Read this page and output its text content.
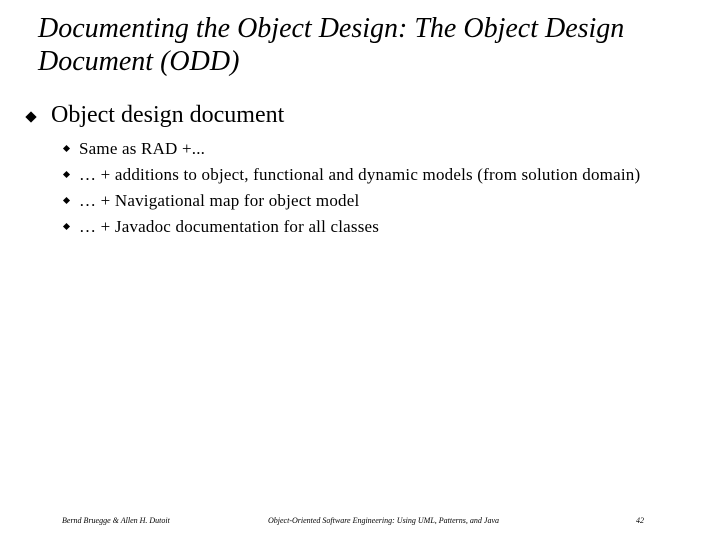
Documenting the Object Design: The Object Design Document (ODD)
Object design document
Same as RAD +...
… + additions to object, functional and dynamic models (from solution domain)
… + Navigational map for object model
… + Javadoc documentation for all classes
Bernd Bruegge & Allen H. Dutoit	Object-Oriented Software Engineering: Using UML, Patterns, and Java	42
